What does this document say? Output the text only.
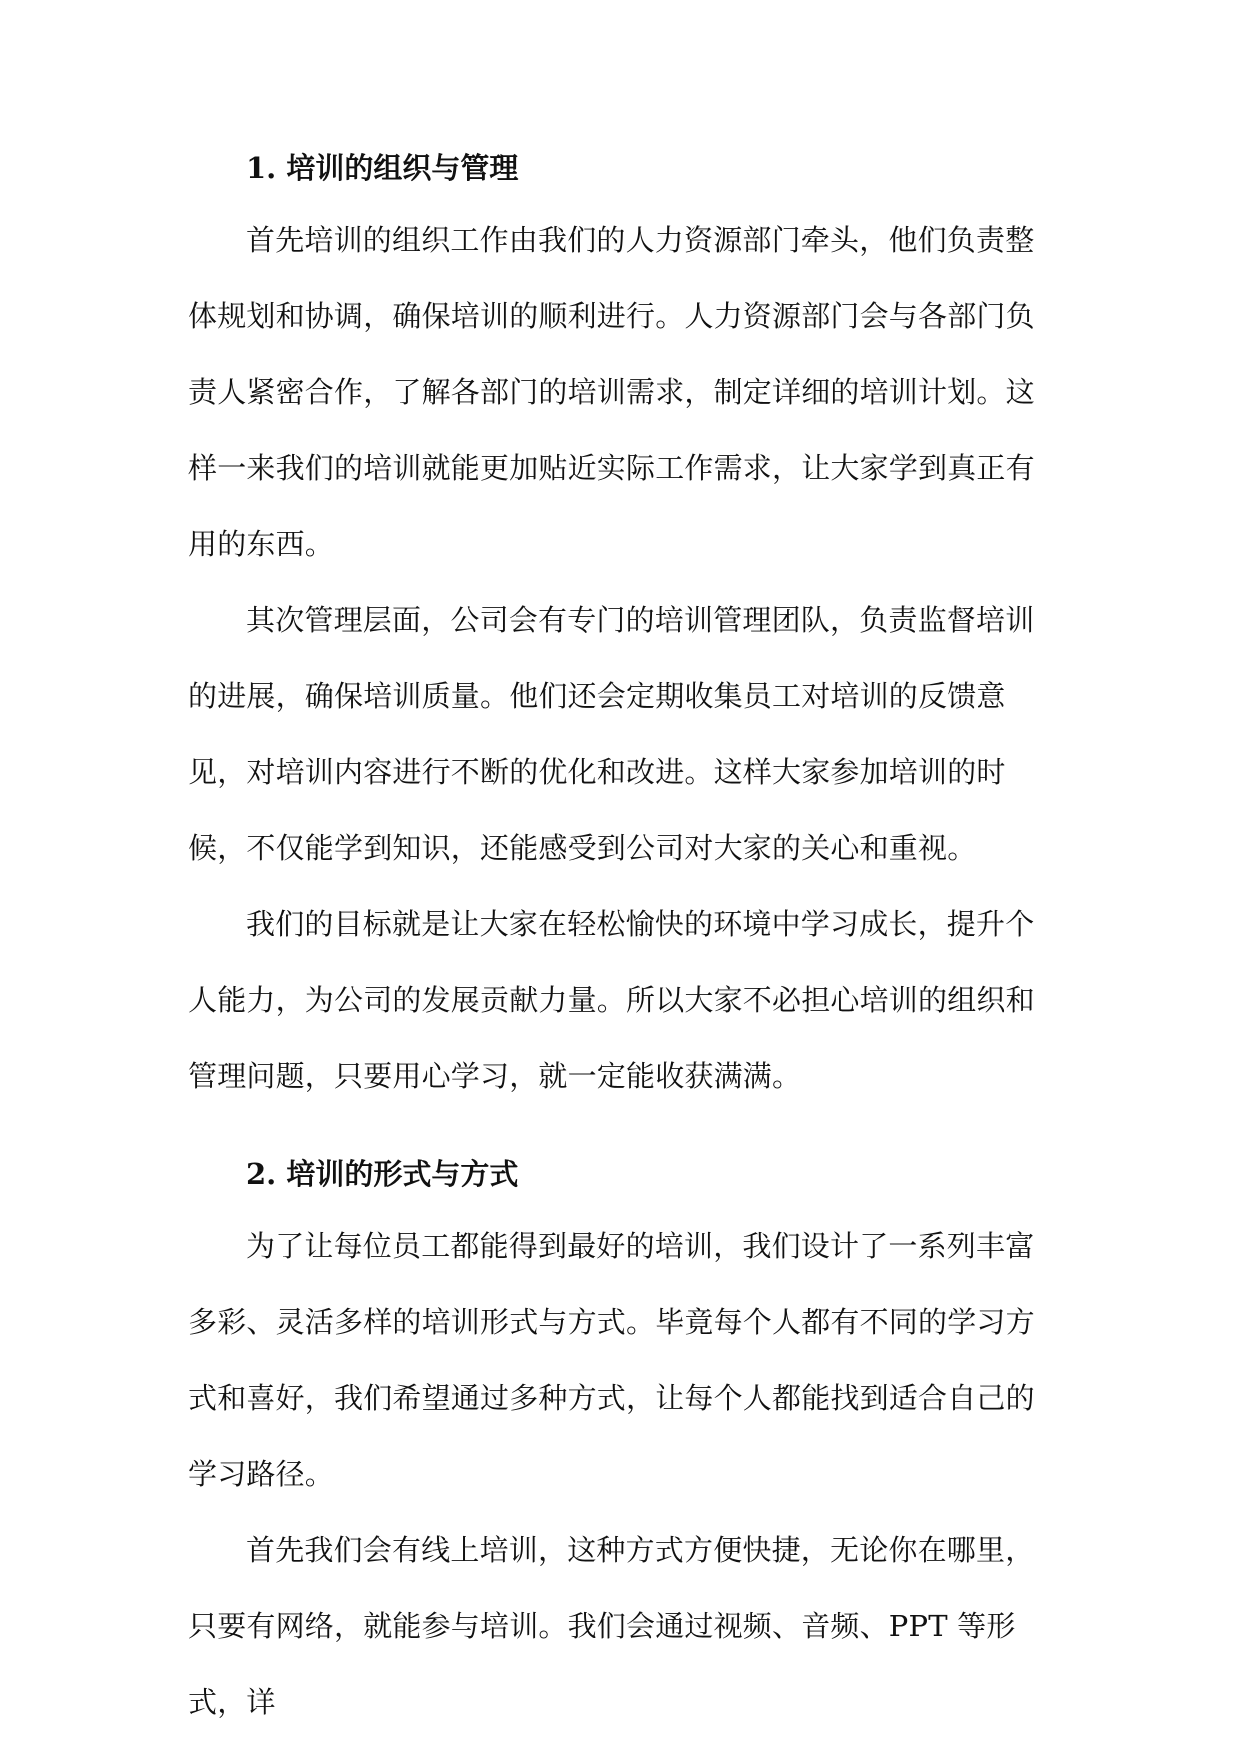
1. 培训的组织与管理

首先培训的组织工作由我们的人力资源部门牵头，他们负责整体规划和协调，确保培训的顺利进行。人力资源部门会与各部门负责人紧密合作，了解各部门的培训需求，制定详细的培训计划。这样一来我们的培训就能更加贴近实际工作需求，让大家学到真正有用的东西。

其次管理层面，公司会有专门的培训管理团队，负责监督培训的进展，确保培训质量。他们还会定期收集员工对培训的反馈意见，对培训内容进行不断的优化和改进。这样大家参加培训的时候，不仅能学到知识，还能感受到公司对大家的关心和重视。

我们的目标就是让大家在轻松愉快的环境中学习成长，提升个人能力，为公司的发展贡献力量。所以大家不必担心培训的组织和管理问题，只要用心学习，就一定能收获满满。

2. 培训的形式与方式

为了让每位员工都能得到最好的培训，我们设计了一系列丰富多彩、灵活多样的培训形式与方式。毕竟每个人都有不同的学习方式和喜好，我们希望通过多种方式，让每个人都能找到适合自己的学习路径。

首先我们会有线上培训，这种方式方便快捷，无论你在哪里，只要有网络，就能参与培训。我们会通过视频、音频、PPT 等形式，详
